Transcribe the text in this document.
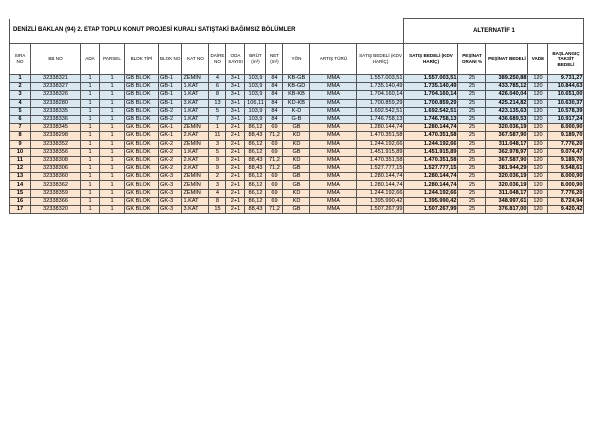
DENİZLİ BAKLAN (94) 2. ETAP TOPLU KONUT PROJESİ KURALI SATIŞTAKİ BAĞIMSIZ BÖLÜMLER														ALTERNATİF 1				
SIRA NO	BB NO	ADA	PARSEL	BLOK TİPİ	BLOK NO	KAT NO	DAİRE NO	ODA SAYISI	BRÜT (m²)	NET (m²)	YÖN	ARTIŞ TÜRÜ	SATIŞ BEDELİ (KDV HARİÇ)	SATIŞ BEDELİ (KDV HARİÇ)	PEŞİNAT ORANI %	PEŞİNAT BEDELİ	VADE	BAŞLANGIÇ TAKSİT BEDELİ
1	32338321	1	1	GB BLOK	GB-1	ZEMİN	4	3+1	103,9	84	KB-GB	MMA	1.557.003,51	1.557.003,51	25	389.250,88	120	9.731,27
2	32338327	1	1	GB BLOK	GB-1	1.KAT	6	3+1	103,9	84	KB-GD	MMA	1.735.140,49	1.735.140,49	25	433.785,12	120	10.844,63
3	32338326	1	1	GB BLOK	GB-1	1.KAT	8	3+1	103,9	84	KB-KB	MMA	1.704.160,14	1.704.160,14	25	426.040,04	120	10.651,00
4	32338280	1	1	GB BLOK	GB-1	3.KAT	13	3+1	106,11	84	KD-KB	MMA	1.700.859,29	1.700.859,29	25	425.214,82	120	10.630,37
5	32338335	1	1	GB BLOK	GB-2	1.KAT	5	3+1	103,9	84	K-D	MMA	1.692.542,51	1.692.542,51	25	423.135,63	120	10.578,39
6	32338336	1	1	GB BLOK	GB-2	1.KAT	7	3+1	103,9	84	G-B	MMA	1.746.758,13	1.746.758,13	25	436.689,53	120	10.917,24
7	32338345	1	1	GK BLOK	GK-1	ZEMİN	1	2+1	86,12	69	GB	MMA	1.280.144,74	1.280.144,74	25	320.036,19	120	8.000,90
8	32338298	1	1	GK BLOK	GK-1	2.KAT	11	2+1	88,43	71,2	KD	MMA	1.470.351,58	1.470.351,58	25	367.587,90	120	9.189,70
9	32338352	1	1	GK BLOK	GK-2	ZEMİN	3	2+1	86,12	69	KD	MMA	1.244.192,66	1.244.192,66	25	311.048,17	120	7.776,20
10	32338356	1	1	GK BLOK	GK-2	1.KAT	5	2+1	86,12	69	GB	MMA	1.451.915,89	1.451.915,89	25	362.978,97	120	9.074,47
11	32338308	1	1	GK BLOK	GK-2	2.KAT	9	2+1	88,43	71,2	KD	MMA	1.470.351,58	1.470.351,58	25	367.587,90	120	9.189,70
12	32338306	1	1	GK BLOK	GK-2	2.KAT	9	2+1	88,43	71,2	GB	MMA	1.527.777,15	1.527.777,15	25	381.944,29	120	9.548,61
13	32338360	1	1	GK BLOK	GK-3	ZEMİN	2	2+1	86,12	69	GB	MMA	1.280.144,74	1.280.144,74	25	320.036,19	120	8.000,90
14	32338362	1	1	GK BLOK	GK-3	ZEMİN	3	2+1	86,12	69	GB	MMA	1.280.144,74	1.280.144,74	25	320.036,19	120	8.000,90
15	32338359	1	1	GK BLOK	GK-3	ZEMİN	4	2+1	86,12	69	KD	MMA	1.244.192,66	1.244.192,66	25	311.048,17	120	7.776,20
16	32338366	1	1	GK BLOK	GK-3	1.KAT	8	2+1	86,12	69	KD	MMA	1.395.990,42	1.395.990,42	25	348.997,61	120	8.724,94
17	32338320	1	1	GK BLOK	GK-3	3.KAT	15	2+1	88,43	71,2	GB	MMA	1.507.267,99	1.507.267,99	25	376.817,00	120	9.420,42
